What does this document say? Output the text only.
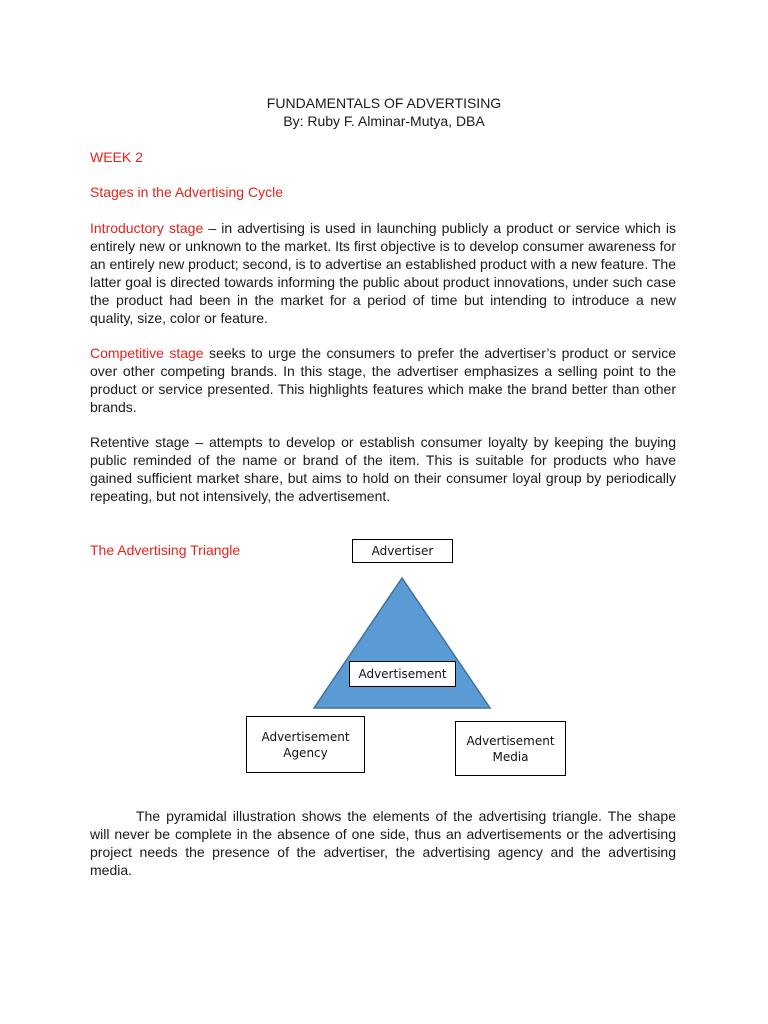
FUNDAMENTALS OF ADVERTISING
By: Ruby F. Alminar-Mutya, DBA
WEEK 2
Stages in the Advertising Cycle

Introductory stage – in advertising is used in launching publicly a product or service which is entirely new or unknown to the market. Its first objective is to develop consumer awareness for an entirely new product; second, is to advertise an established product with a new feature. The latter goal is directed towards informing the public about product innovations, under such case the product had been in the market for a period of time but intending to introduce a new quality, size, color or feature.

Competitive stage seeks to urge the consumers to prefer the advertiser’s product or service over other competing brands. In this stage, the advertiser emphasizes a selling point to the product or service presented. This highlights features which make the brand better than other brands.

Retentive stage – attempts to develop or establish consumer loyalty by keeping the buying public reminded of the name or brand of the item. This is suitable for products who have gained sufficient market share, but aims to hold on their consumer loyal group by periodically repeating, but not intensively, the advertisement.

The Advertising Triangle	Advertiser
Advertisement
Advertisement
Agency
Advertisement
Media

The pyramidal illustration shows the elements of the advertising triangle. The shape will never be complete in the absence of one side, thus an advertisements or the advertising project needs the presence of the advertiser, the advertising agency and the advertising media.
